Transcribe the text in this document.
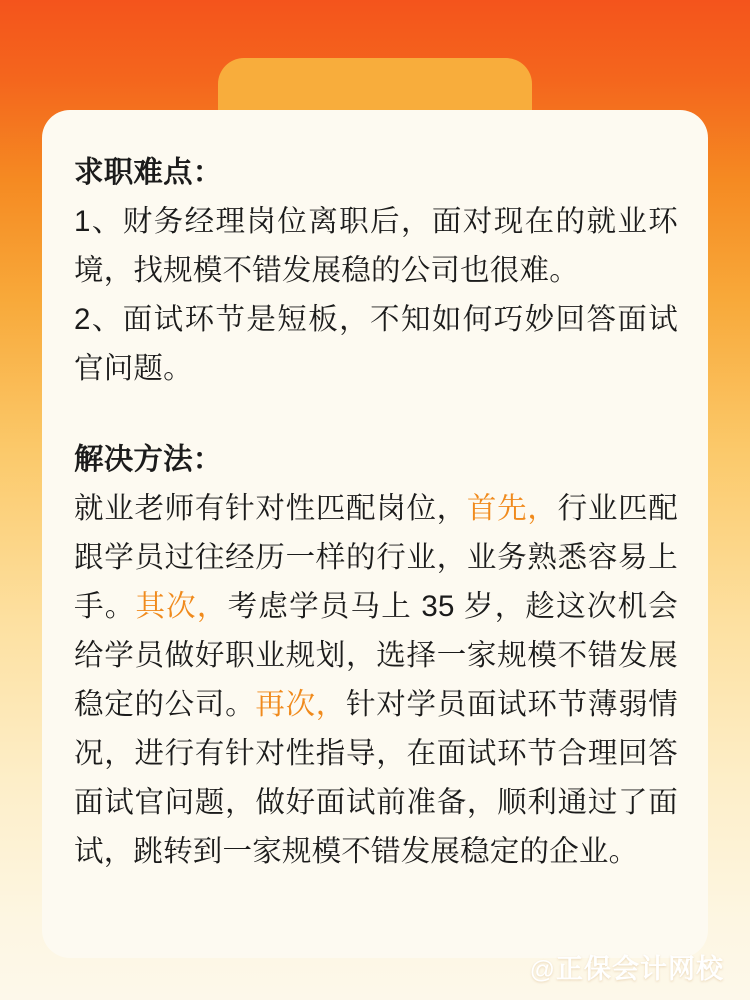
求职难点：
1、财务经理岗位离职后，面对现在的就业环境，找规模不错发展稳的公司也很难。
2、面试环节是短板，不知如何巧妙回答面试官问题。
解决方法：
就业老师有针对性匹配岗位，首先，行业匹配跟学员过往经历一样的行业，业务熟悉容易上手。其次，考虑学员马上 35 岁，趁这次机会给学员做好职业规划，选择一家规模不错发展稳定的公司。再次，针对学员面试环节薄弱情况，进行有针对性指导，在面试环节合理回答面试官问题，做好面试前准备，顺利通过了面试，跳转到一家规模不错发展稳定的企业。
@正保会计网校
